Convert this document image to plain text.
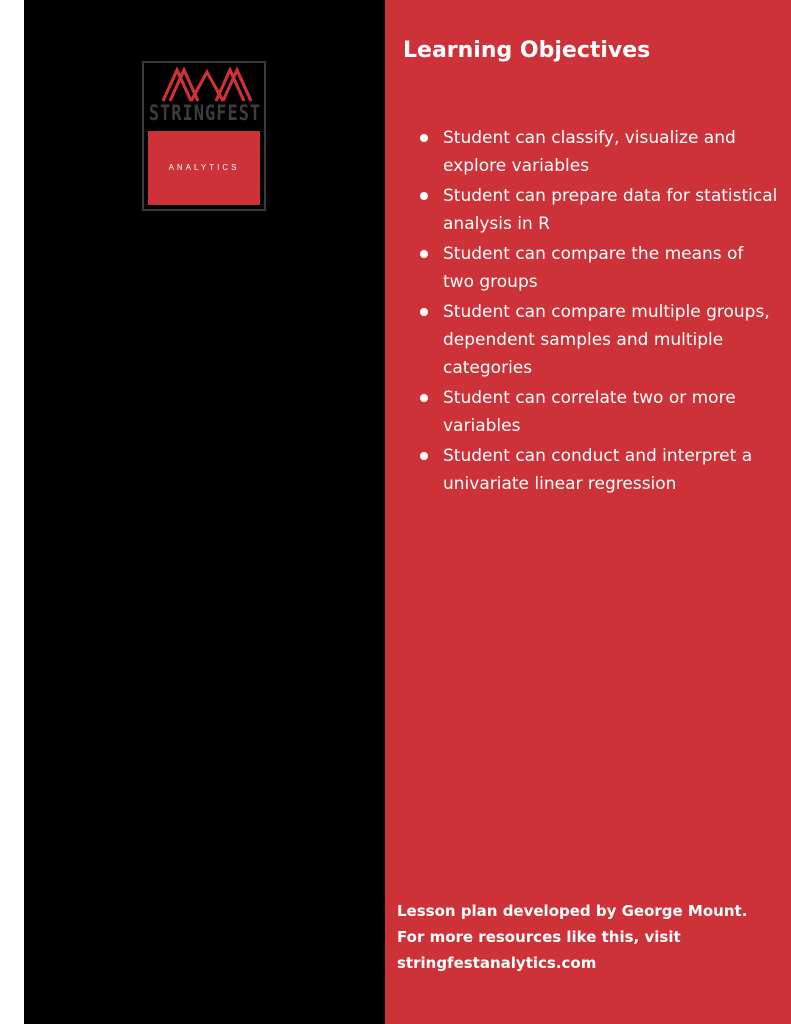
STRINGFEST
ANALYTICS
Learning Objectives
Student can classify, visualize and explore variables
Student can prepare data for statistical analysis in R
Student can compare the means of two groups
Student can compare multiple groups, dependent samples and multiple categories
Student can correlate two or more variables
Student can conduct and interpret a univariate linear regression
Lesson plan developed by George Mount.
For more resources like this, visit
stringfestanalytics.com
